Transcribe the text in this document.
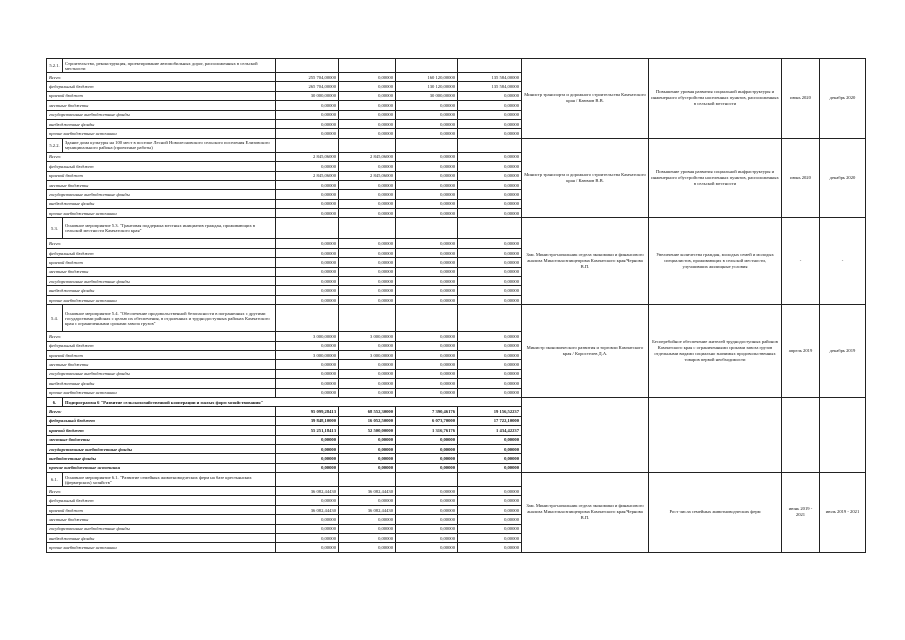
5.2.1.	Строительство, реконструкция, проектирование автомобильных дорог, расположенных в сельской местности					Министр транспорта и дорожного строительства Камчатского края / Каюмов В.В.	Повышение уровня развития социальной инфраструктуры и инженерного обустройства населенных пунктов, расположенных в сельской местности	июнь 2020	декабрь 2020
Всего:		255 704,00000	0,00000	160 120,00000	135 584,00000				
федеральный бюджет		265 704,00000	0,00000	130 120,00000	135 584,00000				
краевой бюджет		30 000,00000	0,00000	30 000,00000	0,00000				
местные бюджеты		0,00000	0,00000	0,00000	0,00000				
государственные внебюджетные фонды		0,00000	0,00000	0,00000	0,00000				
внебюджетные фонды		0,00000	0,00000	0,00000	0,00000				
прочие внебюджетные источники		0,00000	0,00000	0,00000	0,00000				
5.2.2.	Здание дома культуры на 100 мест в поселке Лесной Новолесновского сельского поселения Елизовского муниципального района (проектные работы)					Министр транспорта и дорожного строительства Камчатского края / Каюмов В.В.	Повышение уровня развития социальной инфраструктуры и инженерного обустройства населенных пунктов, расположенных в сельской местности	июнь 2020	декабрь 2020
Всего:		2 845,06000	2 845,06000	0,00000	0,00000				
федеральный бюджет		0,00000	0,00000	0,00000	0,00000				
краевой бюджет		2 845,06000	2 845,06000	0,00000	0,00000				
местные бюджеты		0,00000	0,00000	0,00000	0,00000				
государственные внебюджетные фонды		0,00000	0,00000	0,00000	0,00000				
внебюджетные фонды		0,00000	0,00000	0,00000	0,00000				
прочие внебюджетные источники		0,00000	0,00000	0,00000	0,00000				
5.3.	Основное мероприятие 5.3. "Грантовая поддержка местных инициатив граждан, проживающих в сельской местности Камчатского края"					Зам. Министра-начальник отдела экономики и финансового анализа Минсельхозпищепрома Камчатского края/Чернова В.П.	Увеличение количества граждан, молодых семей и молодых специалистов, проживающих в сельской местности, улучшивших жилищные условия	-	-
Всего:		0,00000	0,00000	0,00000	0,00000				
федеральный бюджет		0,00000	0,00000	0,00000	0,00000				
краевой бюджет		0,00000	0,00000	0,00000	0,00000				
местные бюджеты		0,00000	0,00000	0,00000	0,00000				
государственные внебюджетные фонды		0,00000	0,00000	0,00000	0,00000				
внебюджетные фонды		0,00000	0,00000	0,00000	0,00000				
прочие внебюджетные источники		0,00000	0,00000	0,00000	0,00000				
5.4.	Основное мероприятие 5.4. "Обеспечение продовольственной безопасности в пограничных с другими государствами районах с целью их обеспечения, в отдаленных и труднодоступных районах Камчатского края с ограниченными сроками завоза грузов"					Министр экономического развития и торговли Камчатского края / Коростелев Д.А.	Бесперебойное обеспечение жителей труднодоступных районов Камчатского края с ограниченными сроками завоза грузов отдельными видами социально значимых продовольственных товаров первой необходимости	апрель 2019	декабрь 2019
Всего:		3 000,00000	3 000,00000	0,00000	0,00000				
федеральный бюджет		0,00000	0,00000	0,00000	0,00000				
краевой бюджет		3 000,00000	3 000,00000	0,00000	0,00000				
местные бюджеты		0,00000	0,00000	0,00000	0,00000				
государственные внебюджетные фонды		0,00000	0,00000	0,00000	0,00000				
внебюджетные фонды		0,00000	0,00000	0,00000	0,00000				
прочие внебюджетные источники		0,00000	0,00000	0,00000	0,00000				
6.	Подпрограмма 6 "Развитие сельскохозяйственной кооперации и малых форм хозяйствования"								
Всего:		95 099,28413	68 552,30000	7 390,46176	19 156,52237				
федеральный бюджет		39 848,10000	16 052,50000	6 073,70000	17 722,10000				
краевой бюджет		55 251,18413	52 500,00000	1 316,76176	1 434,42237				
местные бюджеты		0,00000	0,00000	0,00000	0,00000				
государственные внебюджетные фонды		0,00000	0,00000	0,00000	0,00000				
внебюджетные фонды		0,00000	0,00000	0,00000	0,00000				
прочие внебюджетные источники		0,00000	0,00000	0,00000	0,00000				
6.1.	Основное мероприятие 6.1. "Развитие семейных животноводческих ферм на базе крестьянских (фермерских) хозяйств"					Зам. Министра-начальник отдела экономики и финансового анализа Минсельхозпищепрома Камчатского края/Чернова В.П.	Рост числа семейных животноводческих ферм	июнь 2019 - 2021	июль 2019 - 2021
Всего:		36 082,44430	36 082,44430	0,00000	0,00000				
федеральный бюджет		0,00000	0,00000	0,00000	0,00000				
краевой бюджет		36 082,44430	36 082,44430	0,00000	0,00000				
местные бюджеты		0,00000	0,00000	0,00000	0,00000				
государственные внебюджетные фонды		0,00000	0,00000	0,00000	0,00000				
внебюджетные фонды		0,00000	0,00000	0,00000	0,00000				
прочие внебюджетные источники		0,00000	0,00000	0,00000	0,00000				
